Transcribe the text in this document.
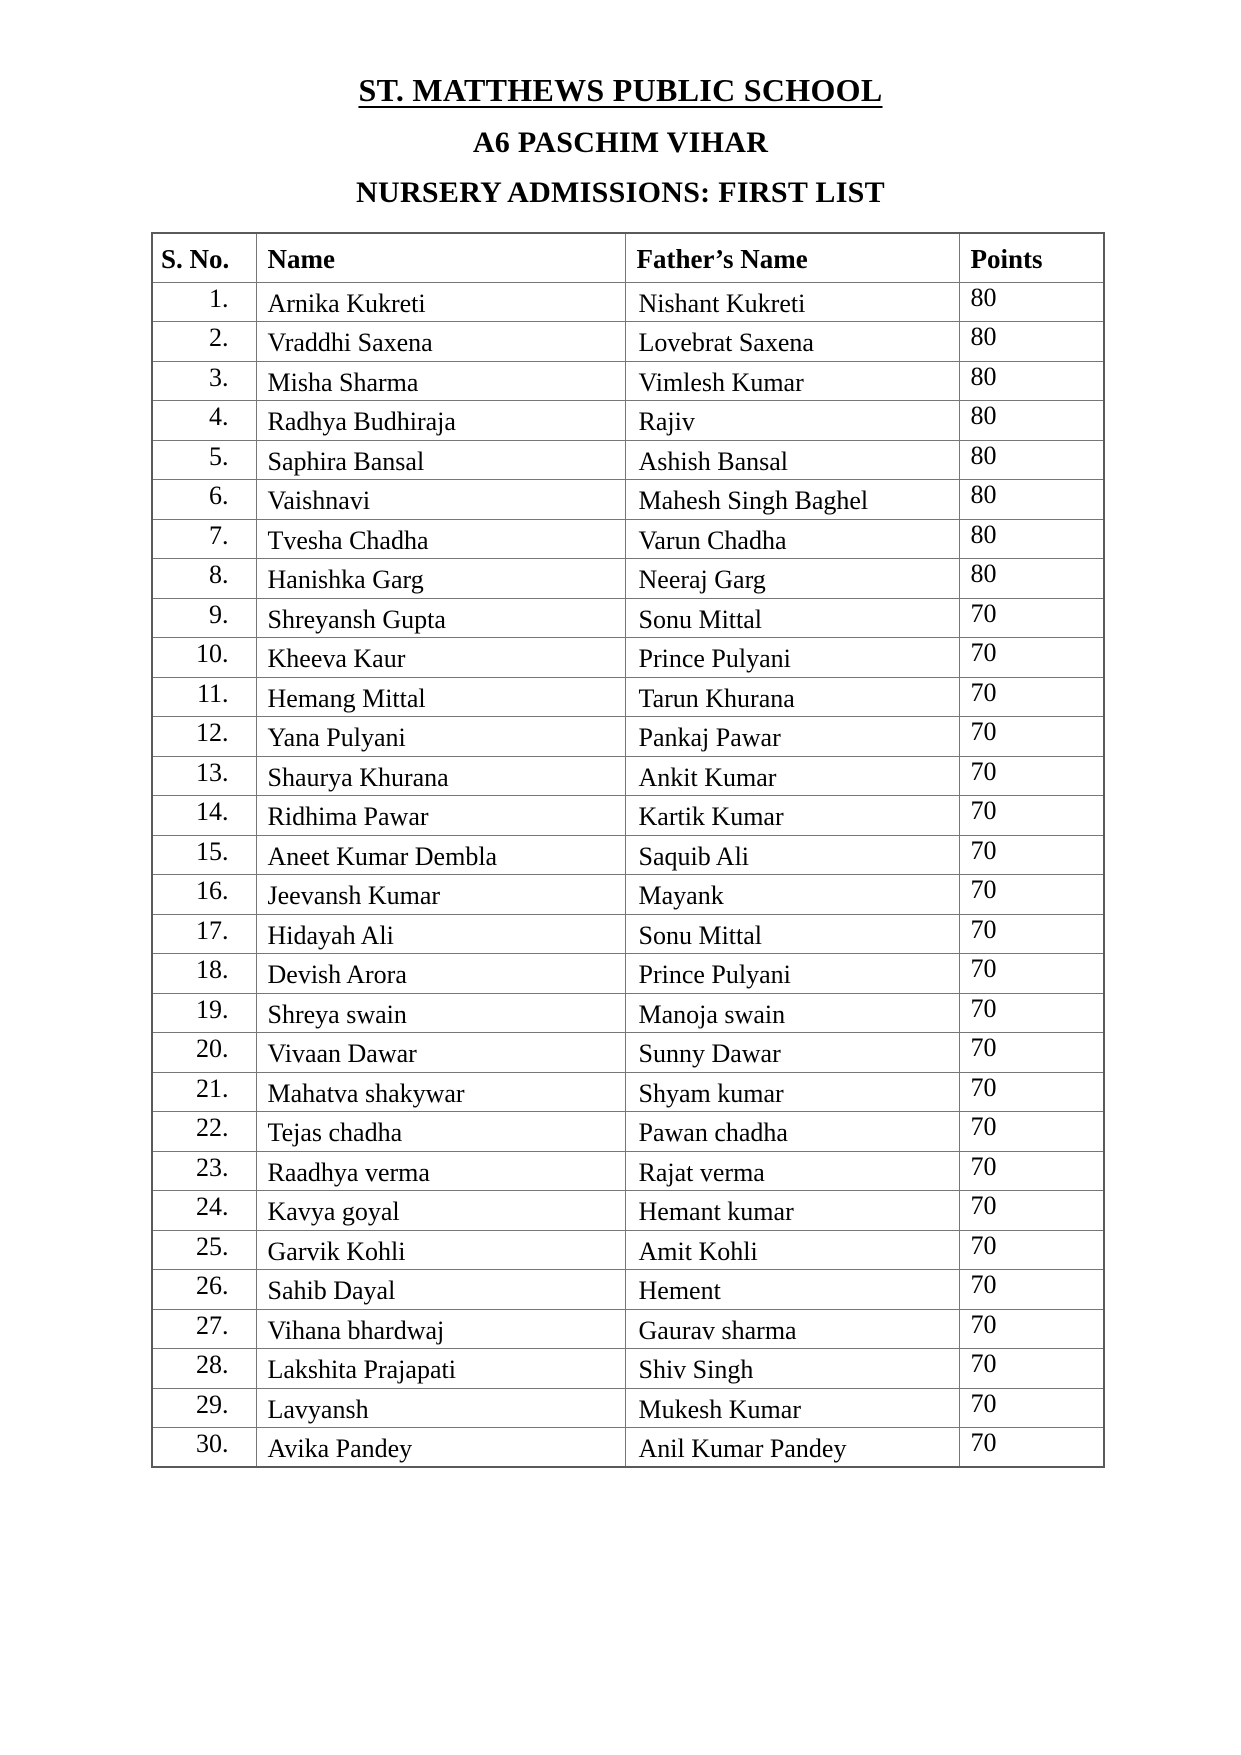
ST. MATTHEWS PUBLIC SCHOOL
A6 PASCHIM VIHAR
NURSERY ADMISSIONS: FIRST LIST
S. No.	Name	Father’s Name	Points
1.	Arnika Kukreti	Nishant Kukreti	80
2.	Vraddhi Saxena	Lovebrat Saxena	80
3.	Misha Sharma	Vimlesh Kumar	80
4.	Radhya Budhiraja	Rajiv	80
5.	Saphira Bansal	Ashish Bansal	80
6.	Vaishnavi	Mahesh Singh Baghel	80
7.	Tvesha Chadha	Varun Chadha	80
8.	Hanishka Garg	Neeraj Garg	80
9.	Shreyansh Gupta	Sonu Mittal	70
10.	Kheeva Kaur	Prince Pulyani	70
11.	Hemang Mittal	Tarun Khurana	70
12.	Yana Pulyani	Pankaj Pawar	70
13.	Shaurya Khurana	Ankit Kumar	70
14.	Ridhima Pawar	Kartik Kumar	70
15.	Aneet Kumar Dembla	Saquib Ali	70
16.	Jeevansh Kumar	Mayank	70
17.	Hidayah Ali	Sonu Mittal	70
18.	Devish Arora	Prince Pulyani	70
19.	Shreya swain	Manoja swain	70
20.	Vivaan Dawar	Sunny Dawar	70
21.	Mahatva shakywar	Shyam kumar	70
22.	Tejas chadha	Pawan chadha	70
23.	Raadhya verma	Rajat verma	70
24.	Kavya goyal	Hemant kumar	70
25.	Garvik Kohli	Amit Kohli	70
26.	Sahib Dayal	Hement	70
27.	Vihana bhardwaj	Gaurav sharma	70
28.	Lakshita Prajapati	Shiv Singh	70
29.	Lavyansh	Mukesh Kumar	70
30.	Avika Pandey	Anil Kumar Pandey	70
